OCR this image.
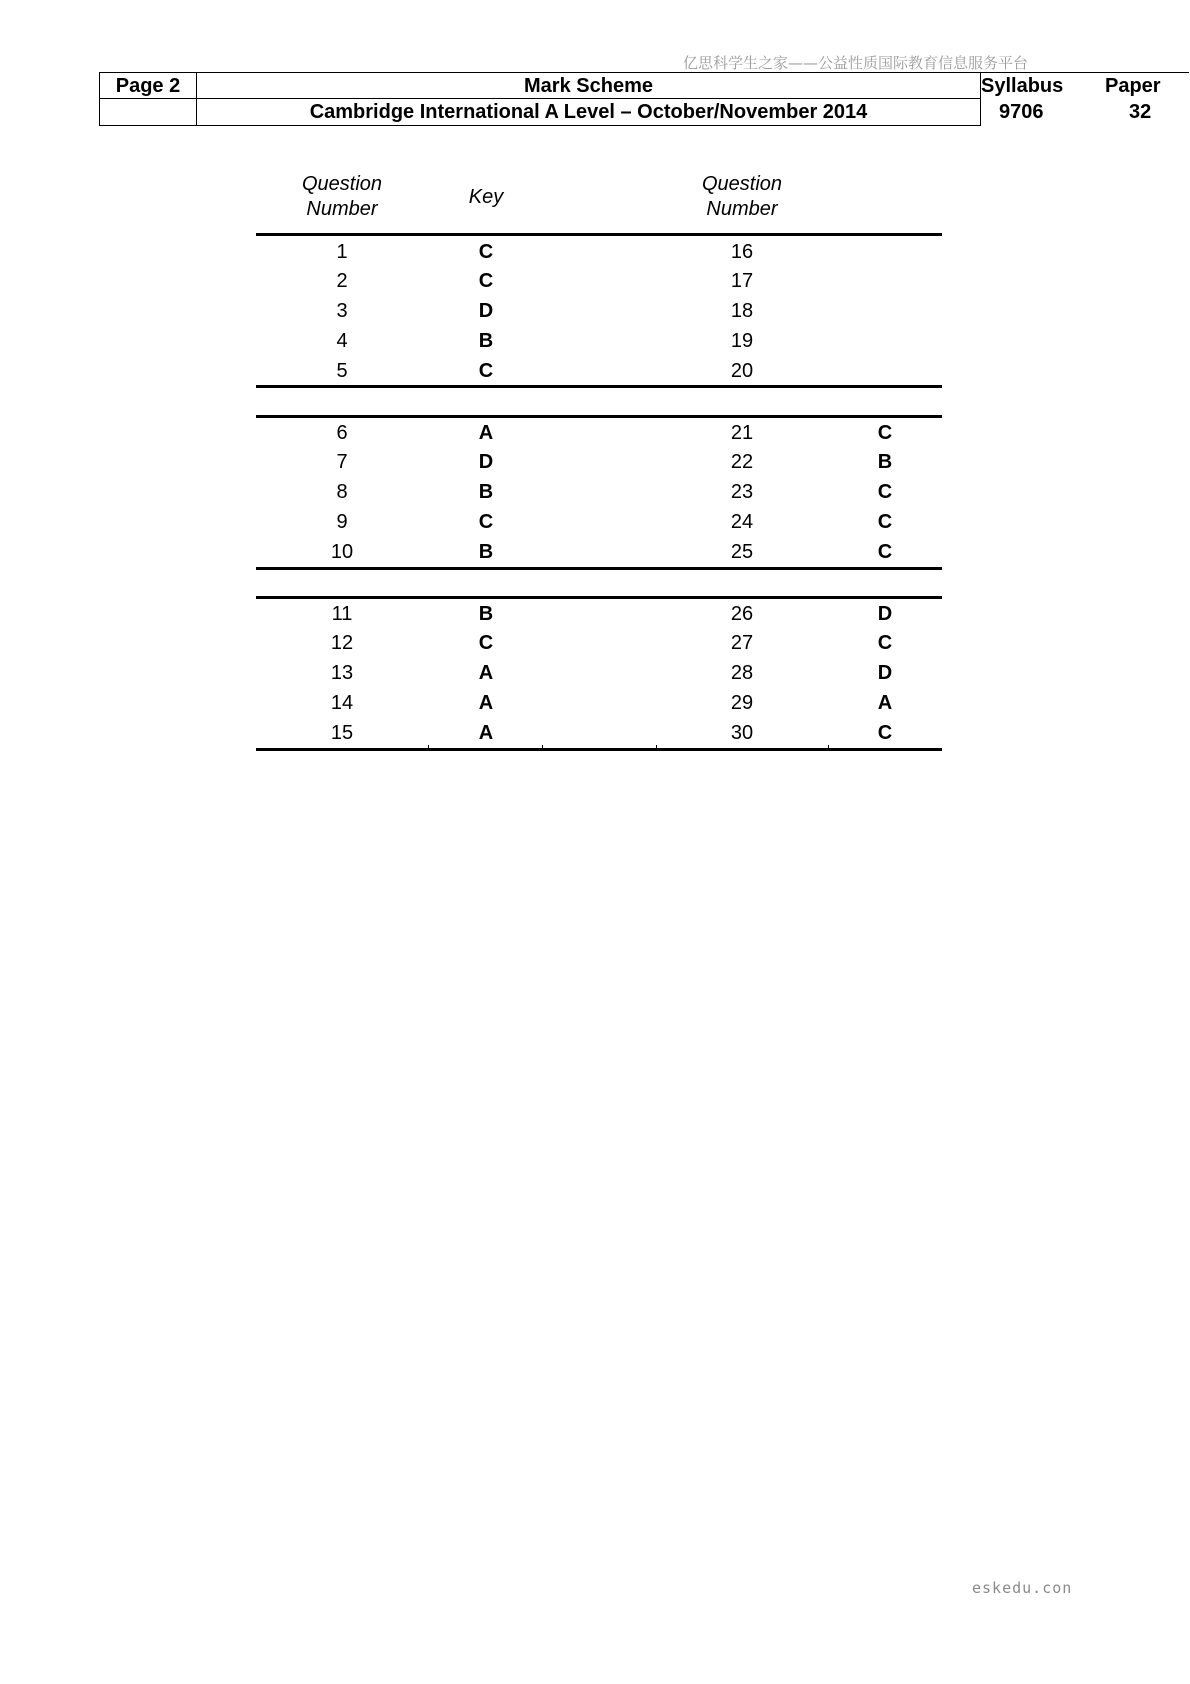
亿思科学生之家——公益性质国际教育信息服务平台
Page 2	Mark Scheme
Cambridge International A Level – October/November 2014
Syllabus
9706
Paper
32
Question
Number
Key
Question
Number
1	C	16
2	C	17
3	D	18
4	B	19
5	C	20
6	A	21	C
7	D	22	B
8	B	23	C
9	C	24	C
10	B	25	C
11	B	26	D
12	C	27	C
13	A	28	D
14	A	29	A
15	A	30	C
eskedu.con
